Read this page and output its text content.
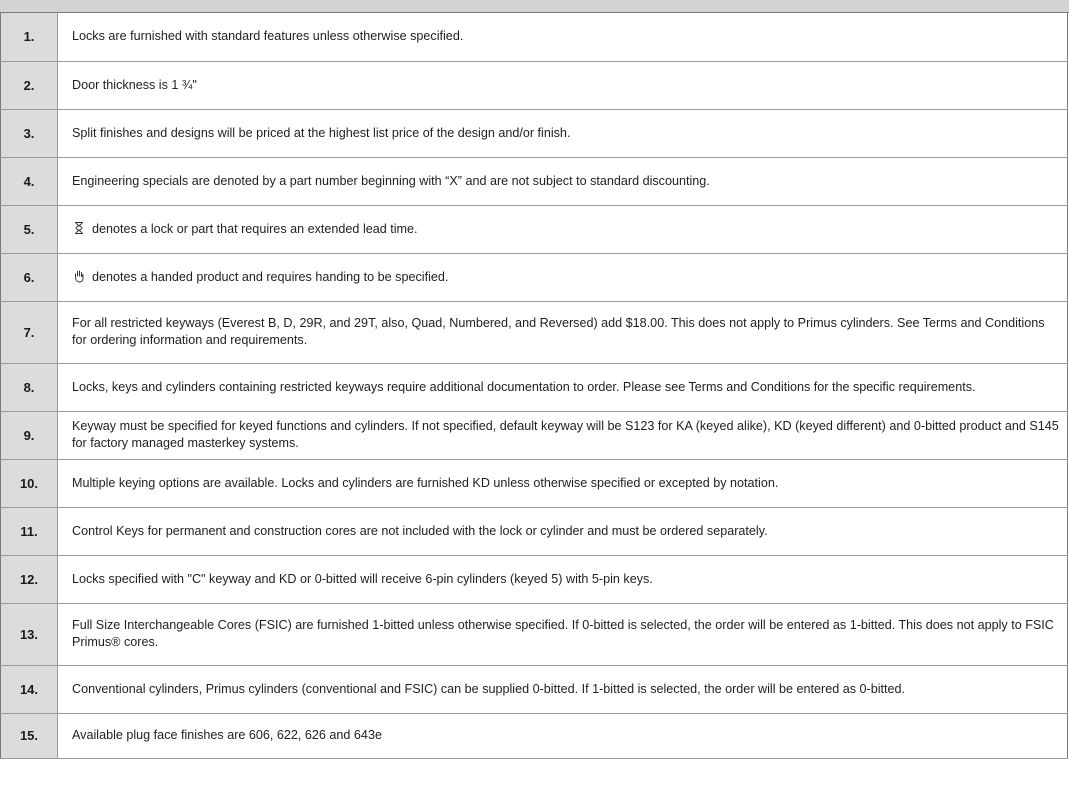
1.	Locks are furnished with standard features unless otherwise specified.
2.	Door thickness is 1 ¾"
3.	Split finishes and designs will be priced at the highest list price of the design and/or finish.
4.	Engineering specials are denoted by a part number beginning with “X” and are not subject to standard discounting.
5.	denotes a lock or part that requires an extended lead time.
6.	denotes a handed product and requires handing to be specified.
7.	For all restricted keyways (Everest B, D, 29R, and 29T, also, Quad, Numbered, and Reversed) add $18.00. This does not apply to Primus cylinders. See Terms and Conditions for ordering information and requirements.
8.	Locks, keys and cylinders containing restricted keyways require additional documentation to order. Please see Terms and Conditions for the specific requirements.
9.	Keyway must be specified for keyed functions and cylinders. If not specified, default keyway will be S123 for KA (keyed alike), KD (keyed different) and 0-bitted product and S145 for factory managed masterkey systems.
10.	Multiple keying options are available. Locks and cylinders are furnished KD unless otherwise specified or excepted by notation.
11.	Control Keys for permanent and construction cores are not included with the lock or cylinder and must be ordered separately.
12.	Locks specified with "C" keyway and KD or 0-bitted will receive 6-pin cylinders (keyed 5) with 5-pin keys.
13.	Full Size Interchangeable Cores (FSIC) are furnished 1-bitted unless otherwise specified. If 0-bitted is selected, the order will be entered as 1-bitted. This does not apply to FSIC Primus® cores.
14.	Conventional cylinders, Primus cylinders (conventional and FSIC) can be supplied 0-bitted. If 1-bitted is selected, the order will be entered as 0-bitted.
15.	Available plug face finishes are 606, 622, 626 and 643e
